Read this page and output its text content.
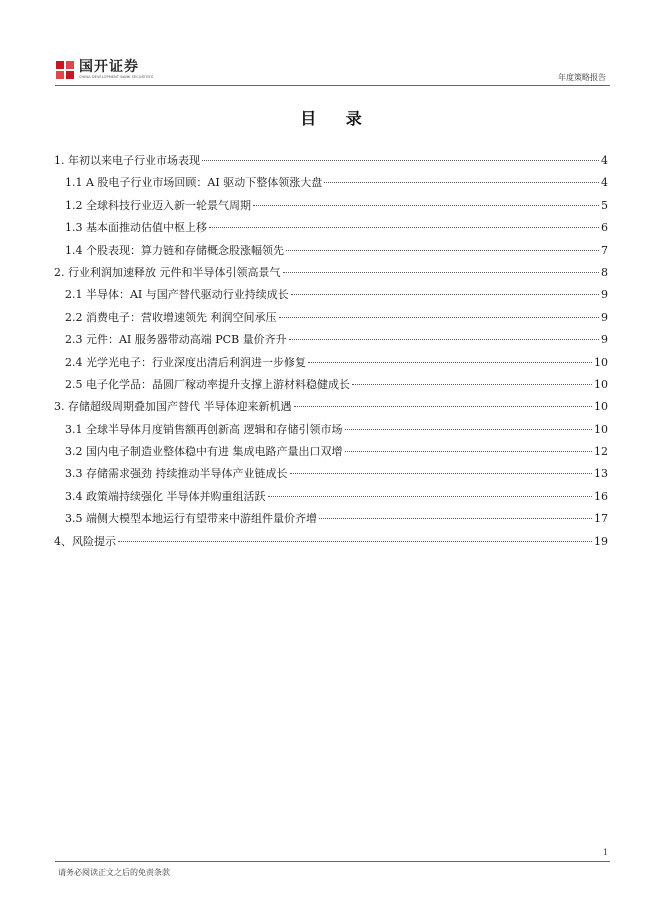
国开证券
CHINA DEVELOPMENT BANK SECURITIES	年度策略报告
目 录
1. 年初以来电子行业市场表现	4
1.1 A 股电子行业市场回顾：AI 驱动下整体领涨大盘	4
1.2 全球科技行业迈入新一轮景气周期	5
1.3 基本面推动估值中枢上移	6
1.4 个股表现：算力链和存储概念股涨幅领先	7
2. 行业利润加速释放 元件和半导体引领高景气	8
2.1 半导体：AI 与国产替代驱动行业持续成长	9
2.2 消费电子：营收增速领先 利润空间承压	9
2.3 元件：AI 服务器带动高端 PCB 量价齐升	9
2.4 光学光电子：行业深度出清后利润进一步修复	10
2.5 电子化学品：晶圆厂稼动率提升支撑上游材料稳健成长	10
3. 存储超级周期叠加国产替代 半导体迎来新机遇	10
3.1 全球半导体月度销售额再创新高 逻辑和存储引领市场	10
3.2 国内电子制造业整体稳中有进 集成电路产量出口双增	12
3.3 存储需求强劲 持续推动半导体产业链成长	13
3.4 政策端持续强化 半导体并购重组活跃	16
3.5 端侧大模型本地运行有望带来中游组件量价齐增	17
4、风险提示	19
1
请务必阅读正文之后的免责条款
